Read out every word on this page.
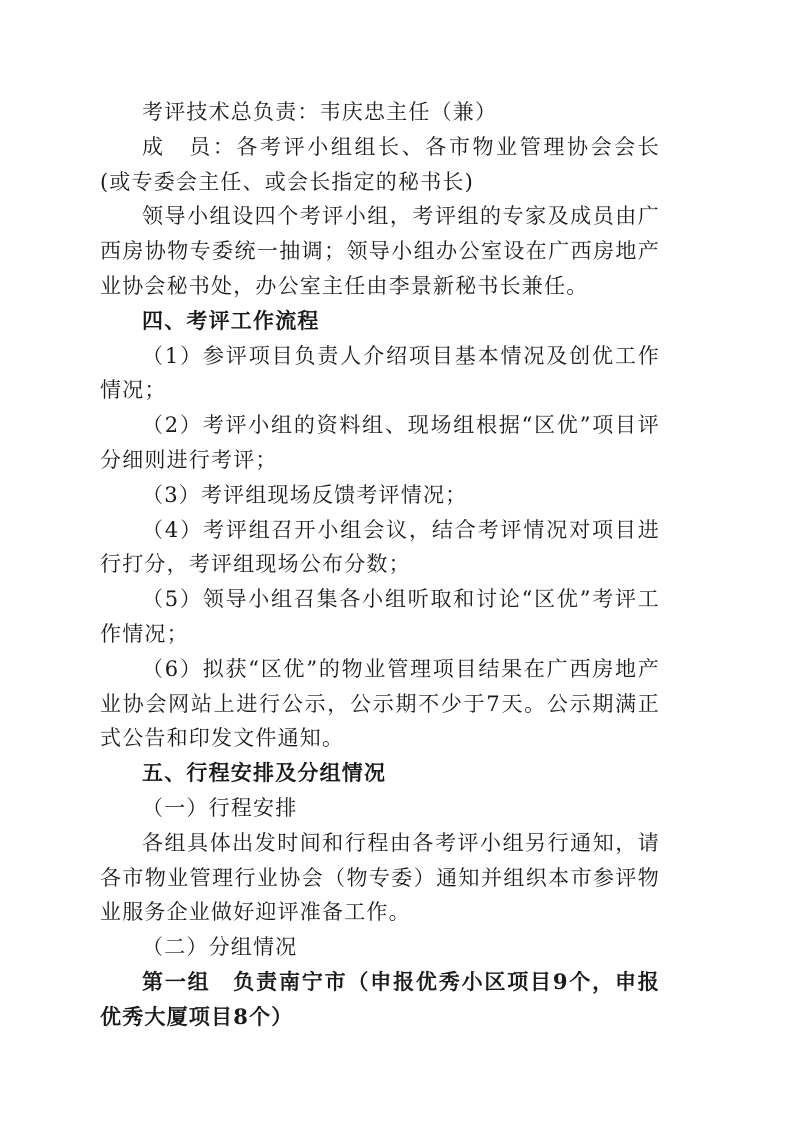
考评技术总负责：韦庆忠主任（兼）

成　员：各考评小组组长、各市物业管理协会会长(或专委会主任、或会长指定的秘书长)

领导小组设四个考评小组，考评组的专家及成员由广西房协物专委统一抽调；领导小组办公室设在广西房地产业协会秘书处，办公室主任由李景新秘书长兼任。

四、考评工作流程

（1）参评项目负责人介绍项目基本情况及创优工作情况；

（2）考评小组的资料组、现场组根据“区优”项目评分细则进行考评；

（3）考评组现场反馈考评情况；

（4）考评组召开小组会议，结合考评情况对项目进行打分，考评组现场公布分数；

（5）领导小组召集各小组听取和讨论“区优”考评工作情况；

（6）拟获“区优”的物业管理项目结果在广西房地产业协会网站上进行公示，公示期不少于7天。公示期满正式公告和印发文件通知。

五、行程安排及分组情况

（一）行程安排

各组具体出发时间和行程由各考评小组另行通知，请各市物业管理行业协会（物专委）通知并组织本市参评物业服务企业做好迎评准备工作。

（二）分组情况

第一组　负责南宁市（申报优秀小区项目9个，申报优秀大厦项目8个）
